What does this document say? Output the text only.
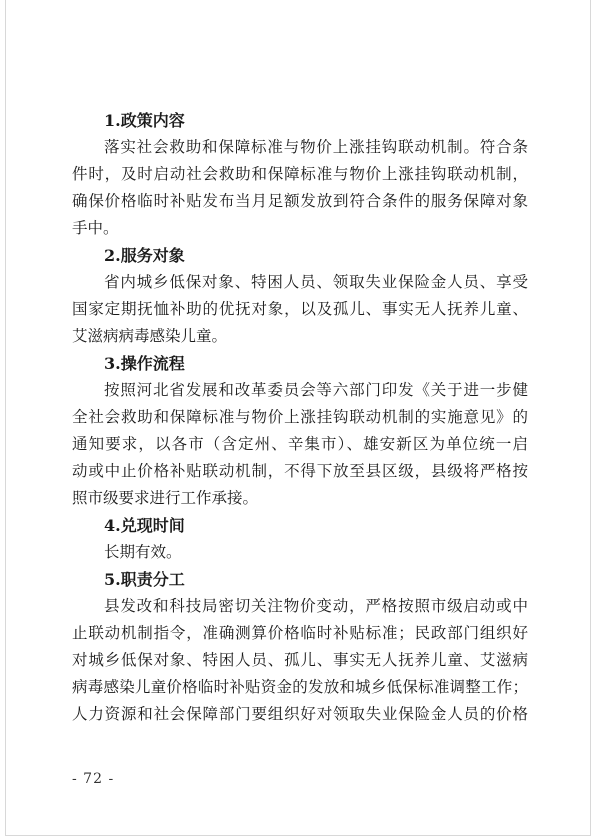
1.政策内容
落实社会救助和保障标准与物价上涨挂钩联动机制。符合条
件时，及时启动社会救助和保障标准与物价上涨挂钩联动机制，
确保价格临时补贴发布当月足额发放到符合条件的服务保障对象
手中。
2.服务对象
省内城乡低保对象、特困人员、领取失业保险金人员、享受
国家定期抚恤补助的优抚对象，以及孤儿、事实无人抚养儿童、
艾滋病病毒感染儿童。
3.操作流程
按照河北省发展和改革委员会等六部门印发《关于进一步健
全社会救助和保障标准与物价上涨挂钩联动机制的实施意见》的
通知要求，以各市（含定州、辛集市）、雄安新区为单位统一启
动或中止价格补贴联动机制，不得下放至县区级，县级将严格按
照市级要求进行工作承接。
4.兑现时间
长期有效。
5.职责分工
县发改和科技局密切关注物价变动，严格按照市级启动或中
止联动机制指令，准确测算价格临时补贴标准；民政部门组织好
对城乡低保对象、特困人员、孤儿、事实无人抚养儿童、艾滋病
病毒感染儿童价格临时补贴资金的发放和城乡低保标准调整工作；
人力资源和社会保障部门要组织好对领取失业保险金人员的价格
- 72 -
